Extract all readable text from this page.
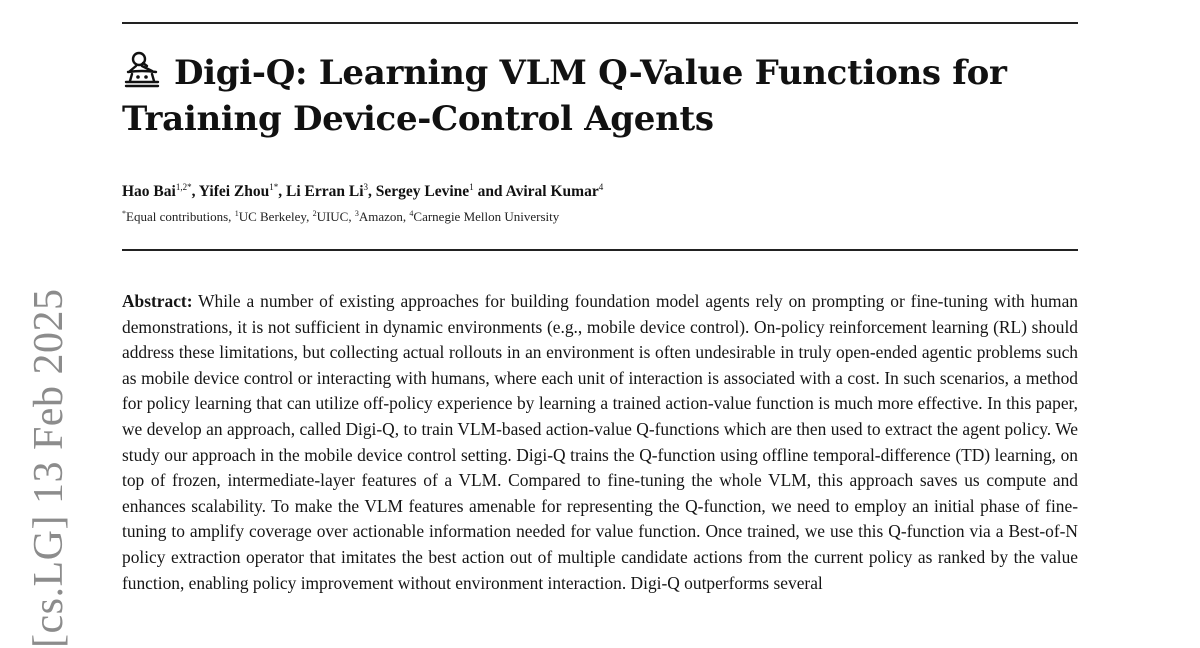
Digi-Q: Learning VLM Q-Value Functions for
Training Device-Control Agents
Hao Bai$^{1,2*}$, Yifei Zhou$^{1*}$, Li Erran Li$^3$, Sergey Levine$^1$ and Aviral Kumar$^4$
*Equal contributions, $^1$UC Berkeley, $^2$UIUC, $^3$Amazon, $^4$Carnegie Mellon University

Abstract: While a number of existing approaches for building foundation model agents rely on prompting or fine-tuning with human demonstrations, it is not sufficient in dynamic environments (e.g., mobile device control). On-policy reinforcement learning (RL) should address these limitations, but collecting actual rollouts in an environment is often undesirable in truly open-ended agentic problems such as mobile device control or interacting with humans, where each unit of interaction is associated with a cost. In such scenarios, a method for policy learning that can utilize off-policy experience by learning a trained action-value function is much more effective. In this paper, we develop an approach, called Digi-Q, to train VLM-based action-value Q-functions which are then used to extract the agent policy. We study our approach in the mobile device control setting. Digi-Q trains the Q-function using offline temporal-difference (TD) learning, on top of frozen, intermediate-layer features of a VLM. Compared to fine-tuning the whole VLM, this approach saves us compute and enhances scalability. To make the VLM features amenable for representing the Q-function, we need to employ an initial phase of fine-tuning to amplify coverage over actionable information needed for value function. Once trained, we use this Q-function via a Best-of-N policy extraction operator that imitates the best action out of multiple candidate actions from the current policy as ranked by the value function, enabling policy improvement without environment interaction. Digi-Q outperforms several

[cs.LG] 13 Feb 2025
